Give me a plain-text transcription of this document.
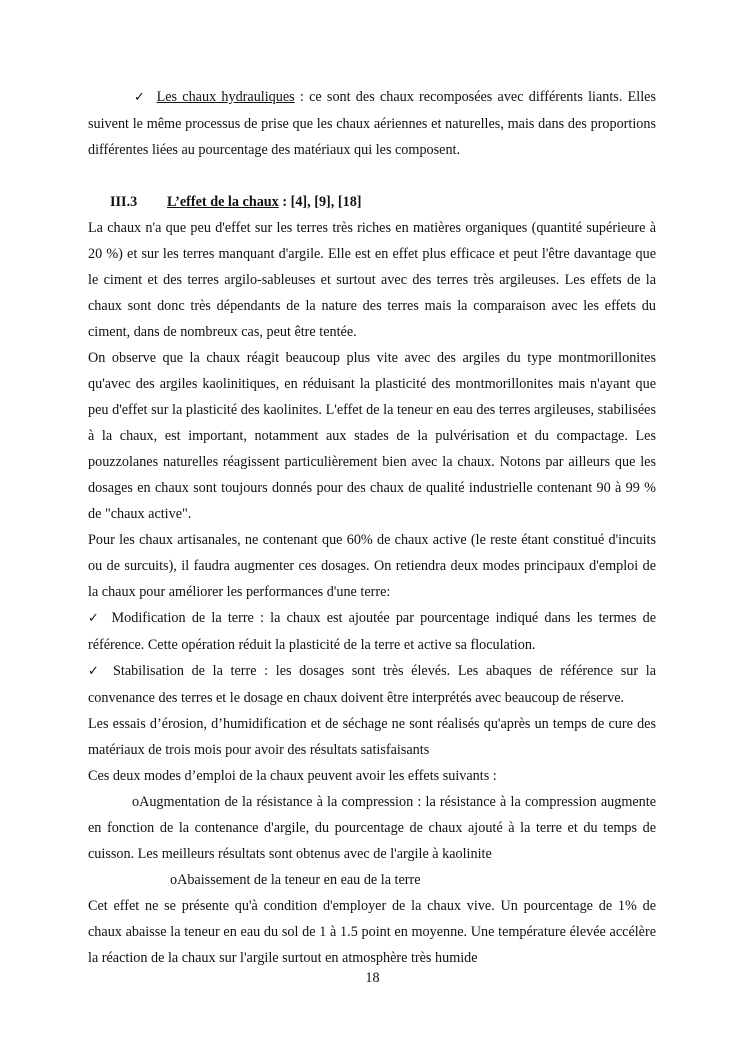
✓ Les chaux hydrauliques : ce sont des chaux recomposées avec différents liants. Elles suivent le même processus de prise que les chaux aériennes et naturelles, mais dans des proportions différentes liées au pourcentage des matériaux qui les composent.

III.3 L’effet de la chaux : [4], [9], [18]

La chaux n'a que peu d'effet sur les terres très riches en matières organiques (quantité supérieure à 20 %) et sur les terres manquant d'argile. Elle est en effet plus efficace et peut l'être davantage que le ciment et des terres argilo-sableuses et surtout avec des terres très argileuses. Les effets de la chaux sont donc très dépendants de la nature des terres mais la comparaison avec les effets du ciment, dans de nombreux cas, peut être tentée.

On observe que la chaux réagit beaucoup plus vite avec des argiles du type montmorillonites qu'avec des argiles kaolinitiques, en réduisant la plasticité des montmorillonites mais n'ayant que peu d'effet sur la plasticité des kaolinites. L'effet de la teneur en eau des terres argileuses, stabilisées à la chaux, est important, notamment aux stades de la pulvérisation et du compactage. Les pouzzolanes naturelles réagissent particulièrement bien avec la chaux. Notons par ailleurs que les dosages en chaux sont toujours donnés pour des chaux de qualité industrielle contenant 90 à 99 % de "chaux active".

Pour les chaux artisanales, ne contenant que 60% de chaux active (le reste étant constitué d'incuits ou de surcuits), il faudra augmenter ces dosages. On retiendra deux modes principaux d'emploi de la chaux pour améliorer les performances d'une terre:

✓ Modification de la terre : la chaux est ajoutée par pourcentage indiqué dans les termes de référence. Cette opération réduit la plasticité de la terre et active sa floculation.

✓ Stabilisation de la terre : les dosages sont très élevés. Les abaques de référence sur la convenance des terres et le dosage en chaux doivent être interprétés avec beaucoup de réserve.

Les essais d’érosion, d’humidification et de séchage ne sont réalisés qu'après un temps de cure des matériaux de trois mois pour avoir des résultats satisfaisants

Ces deux modes d’emploi de la chaux peuvent avoir les effets suivants :

oAugmentation de la résistance à la compression : la résistance à la compression augmente en fonction de la contenance d'argile, du pourcentage de chaux ajouté à la terre et du temps de cuisson. Les meilleurs résultats sont obtenus avec de l'argile à kaolinite

oAbaissement de la teneur en eau de la terre

Cet effet ne se présente qu'à condition d'employer de la chaux vive. Un pourcentage de 1% de chaux abaisse la teneur en eau du sol de 1 à 1.5 point en moyenne. Une température élevée accélère la réaction de la chaux sur l'argile surtout en atmosphère très humide

18
